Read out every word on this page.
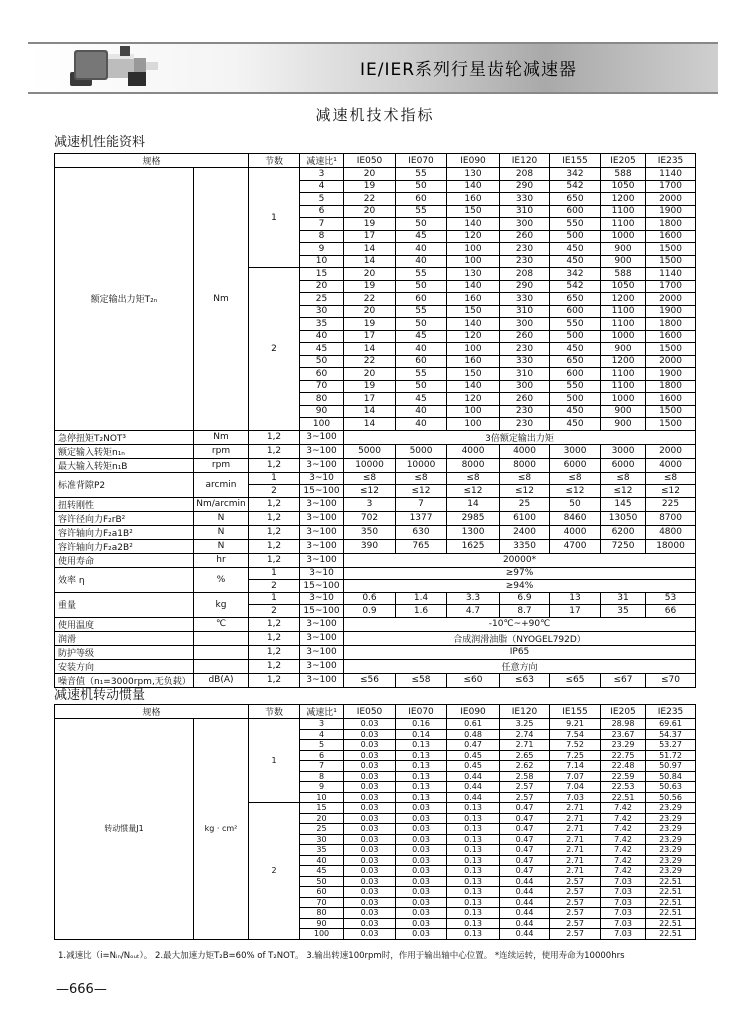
IE/IER系列行星齿轮减速器
减速机技术指标
减速机性能资料
规格		节数	减速比¹	IE050	IE070	IE090	IE120	IE155	IE205	IE235
额定输出力矩T₂ₙ	Nm	1	3	20	55	130	208	342	588	1140
			4	19	50	140	290	542	1050	1700
			5	22	60	160	330	650	1200	2000
			6	20	55	150	310	600	1100	1900
			7	19	50	140	300	550	1100	1800
			8	17	45	120	260	500	1000	1600
			9	14	40	100	230	450	900	1500
			10	14	40	100	230	450	900	1500
		2	15	20	55	130	208	342	588	1140
			20	19	50	140	290	542	1050	1700
			25	22	60	160	330	650	1200	2000
			30	20	55	150	310	600	1100	1900
			35	19	50	140	300	550	1100	1800
			40	17	45	120	260	500	1000	1600
			45	14	40	100	230	450	900	1500
			50	22	60	160	330	650	1200	2000
			60	20	55	150	310	600	1100	1900
			70	19	50	140	300	550	1100	1800
			80	17	45	120	260	500	1000	1600
			90	14	40	100	230	450	900	1500
			100	14	40	100	230	450	900	1500
急停扭矩T₂NOT³	Nm	1,2	3~100	3倍额定输出力矩						
额定输入转矩n₁ₙ	rpm	1,2	3~100	5000	5000	4000	4000	3000	3000	2000
最大输入转矩n₁B	rpm	1,2	3~100	10000	10000	8000	8000	6000	6000	4000
标准背隙P2	arcmin	1	3~10	≤8	≤8	≤8	≤8	≤8	≤8	≤8
		2	15~100	≤12	≤12	≤12	≤12	≤12	≤12	≤12
扭转刚性	Nm/arcmin	1,2	3~100	3	7	14	25	50	145	225
容许径向力F₂rB²	N	1,2	3~100	702	1377	2985	6100	8460	13050	8700
容许轴向力F₂a1B²	N	1,2	3~100	350	630	1300	2400	4000	6200	4800
容许轴向力F₂a2B²	N	1,2	3~100	390	765	1625	3350	4700	7250	18000
使用寿命	hr	1,2	3~100	20000*						
效率 η	%	1	3~10	≥97%						
		2	15~100	≥94%						
重量	kg	1	3~10	0.6	1.4	3.3	6.9	13	31	53
		2	15~100	0.9	1.6	4.7	8.7	17	35	66
使用温度	℃	1,2	3~100	-10℃~+90℃						
润滑		1,2	3~100	合成润滑油脂（NYOGEL792D）						
防护等级		1,2	3~100	IP65						
安装方向		1,2	3~100	任意方向						
噪音值（n₁=3000rpm,无负载）	dB(A)	1,2	3~100	≤56	≤58	≤60	≤63	≤65	≤67	≤70
减速机转动惯量
规格		节数	减速比¹	IE050	IE070	IE090	IE120	IE155	IE205	IE235
转动惯量J1	kg · cm²	1	3	0.03	0.16	0.61	3.25	9.21	28.98	69.61
			4	0.03	0.14	0.48	2.74	7.54	23.67	54.37
			5	0.03	0.13	0.47	2.71	7.52	23.29	53.27
			6	0.03	0.13	0.45	2.65	7.25	22.75	51.72
			7	0.03	0.13	0.45	2.62	7.14	22.48	50.97
			8	0.03	0.13	0.44	2.58	7.07	22.59	50.84
			9	0.03	0.13	0.44	2.57	7.04	22.53	50.63
			10	0.03	0.13	0.44	2.57	7.03	22.51	50.56
		2	15	0.03	0.03	0.13	0.47	2.71	7.42	23.29
			20	0.03	0.03	0.13	0.47	2.71	7.42	23.29
			25	0.03	0.03	0.13	0.47	2.71	7.42	23.29
			30	0.03	0.03	0.13	0.47	2.71	7.42	23.29
			35	0.03	0.03	0.13	0.47	2.71	7.42	23.29
			40	0.03	0.03	0.13	0.47	2.71	7.42	23.29
			45	0.03	0.03	0.13	0.47	2.71	7.42	23.29
			50	0.03	0.03	0.13	0.44	2.57	7.03	22.51
			60	0.03	0.03	0.13	0.44	2.57	7.03	22.51
			70	0.03	0.03	0.13	0.44	2.57	7.03	22.51
			80	0.03	0.03	0.13	0.44	2.57	7.03	22.51
			90	0.03	0.03	0.13	0.44	2.57	7.03	22.51
			100	0.03	0.03	0.13	0.44	2.57	7.03	22.51
1.减速比（i=Nᵢₙ/Nₒᵤₜ）。 2.最大加速力矩T₂B=60% of T₂NOT。 3.输出转速100rpm时，作用于输出轴中心位置。 *连续运转，使用寿命为10000hrs
—666—
